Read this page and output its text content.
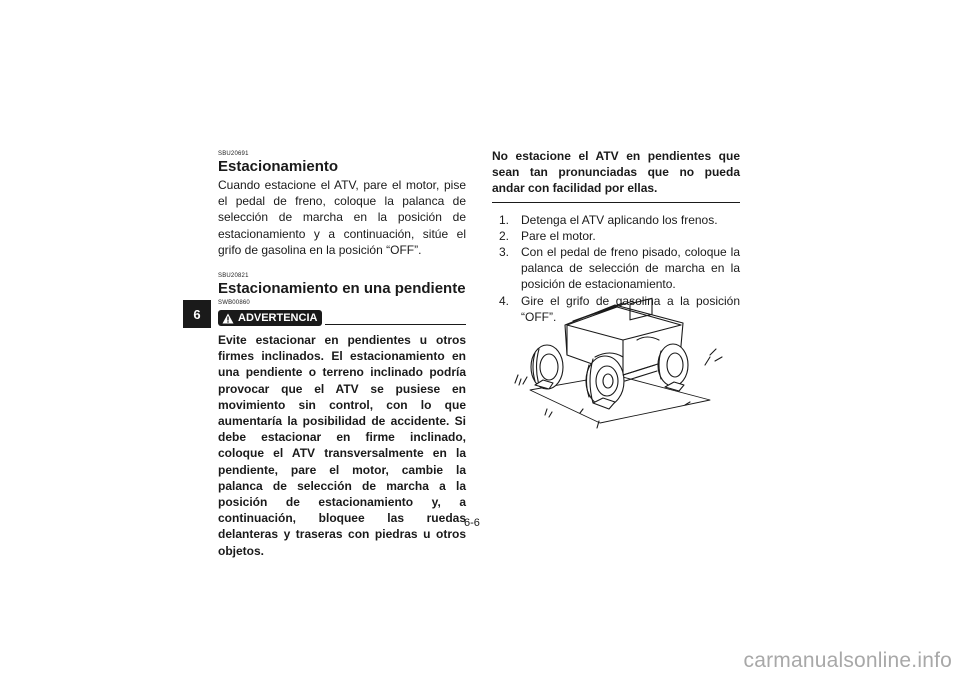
6

SBU20691

Estacionamiento

Cuando estacione el ATV, pare el motor, pise el pedal de freno, coloque la palanca de selección de marcha en la posición de estacionamiento y a continuación, sitúe el grifo de gasolina en la posición “OFF”.

SBU20821

Estacionamiento en una pendiente

SWB00860

ADVERTENCIA

Evite estacionar en pendientes u otros firmes inclinados. El estacionamiento en una pendiente o terreno inclinado podría provocar que el ATV se pusiese en movimiento sin control, con lo que aumentaría la posibilidad de accidente. Si debe estacionar en firme inclinado, coloque el ATV transversalmente en la pendiente, pare el motor, cambie la palanca de selección de marcha a la posición de estacionamiento y, a continuación, bloquee las ruedas delanteras y traseras con piedras u otros objetos.

No estacione el ATV en pendientes que sean tan pronunciadas que no pueda andar con facilidad por ellas.

1. Detenga el ATV aplicando los frenos.
2. Pare el motor.
3. Con el pedal de freno pisado, coloque la palanca de selección de marcha en la posición de estacionamiento.
4. Gire el grifo de gasolina a la posición “OFF”.
6-6
carmanualsonline.info
